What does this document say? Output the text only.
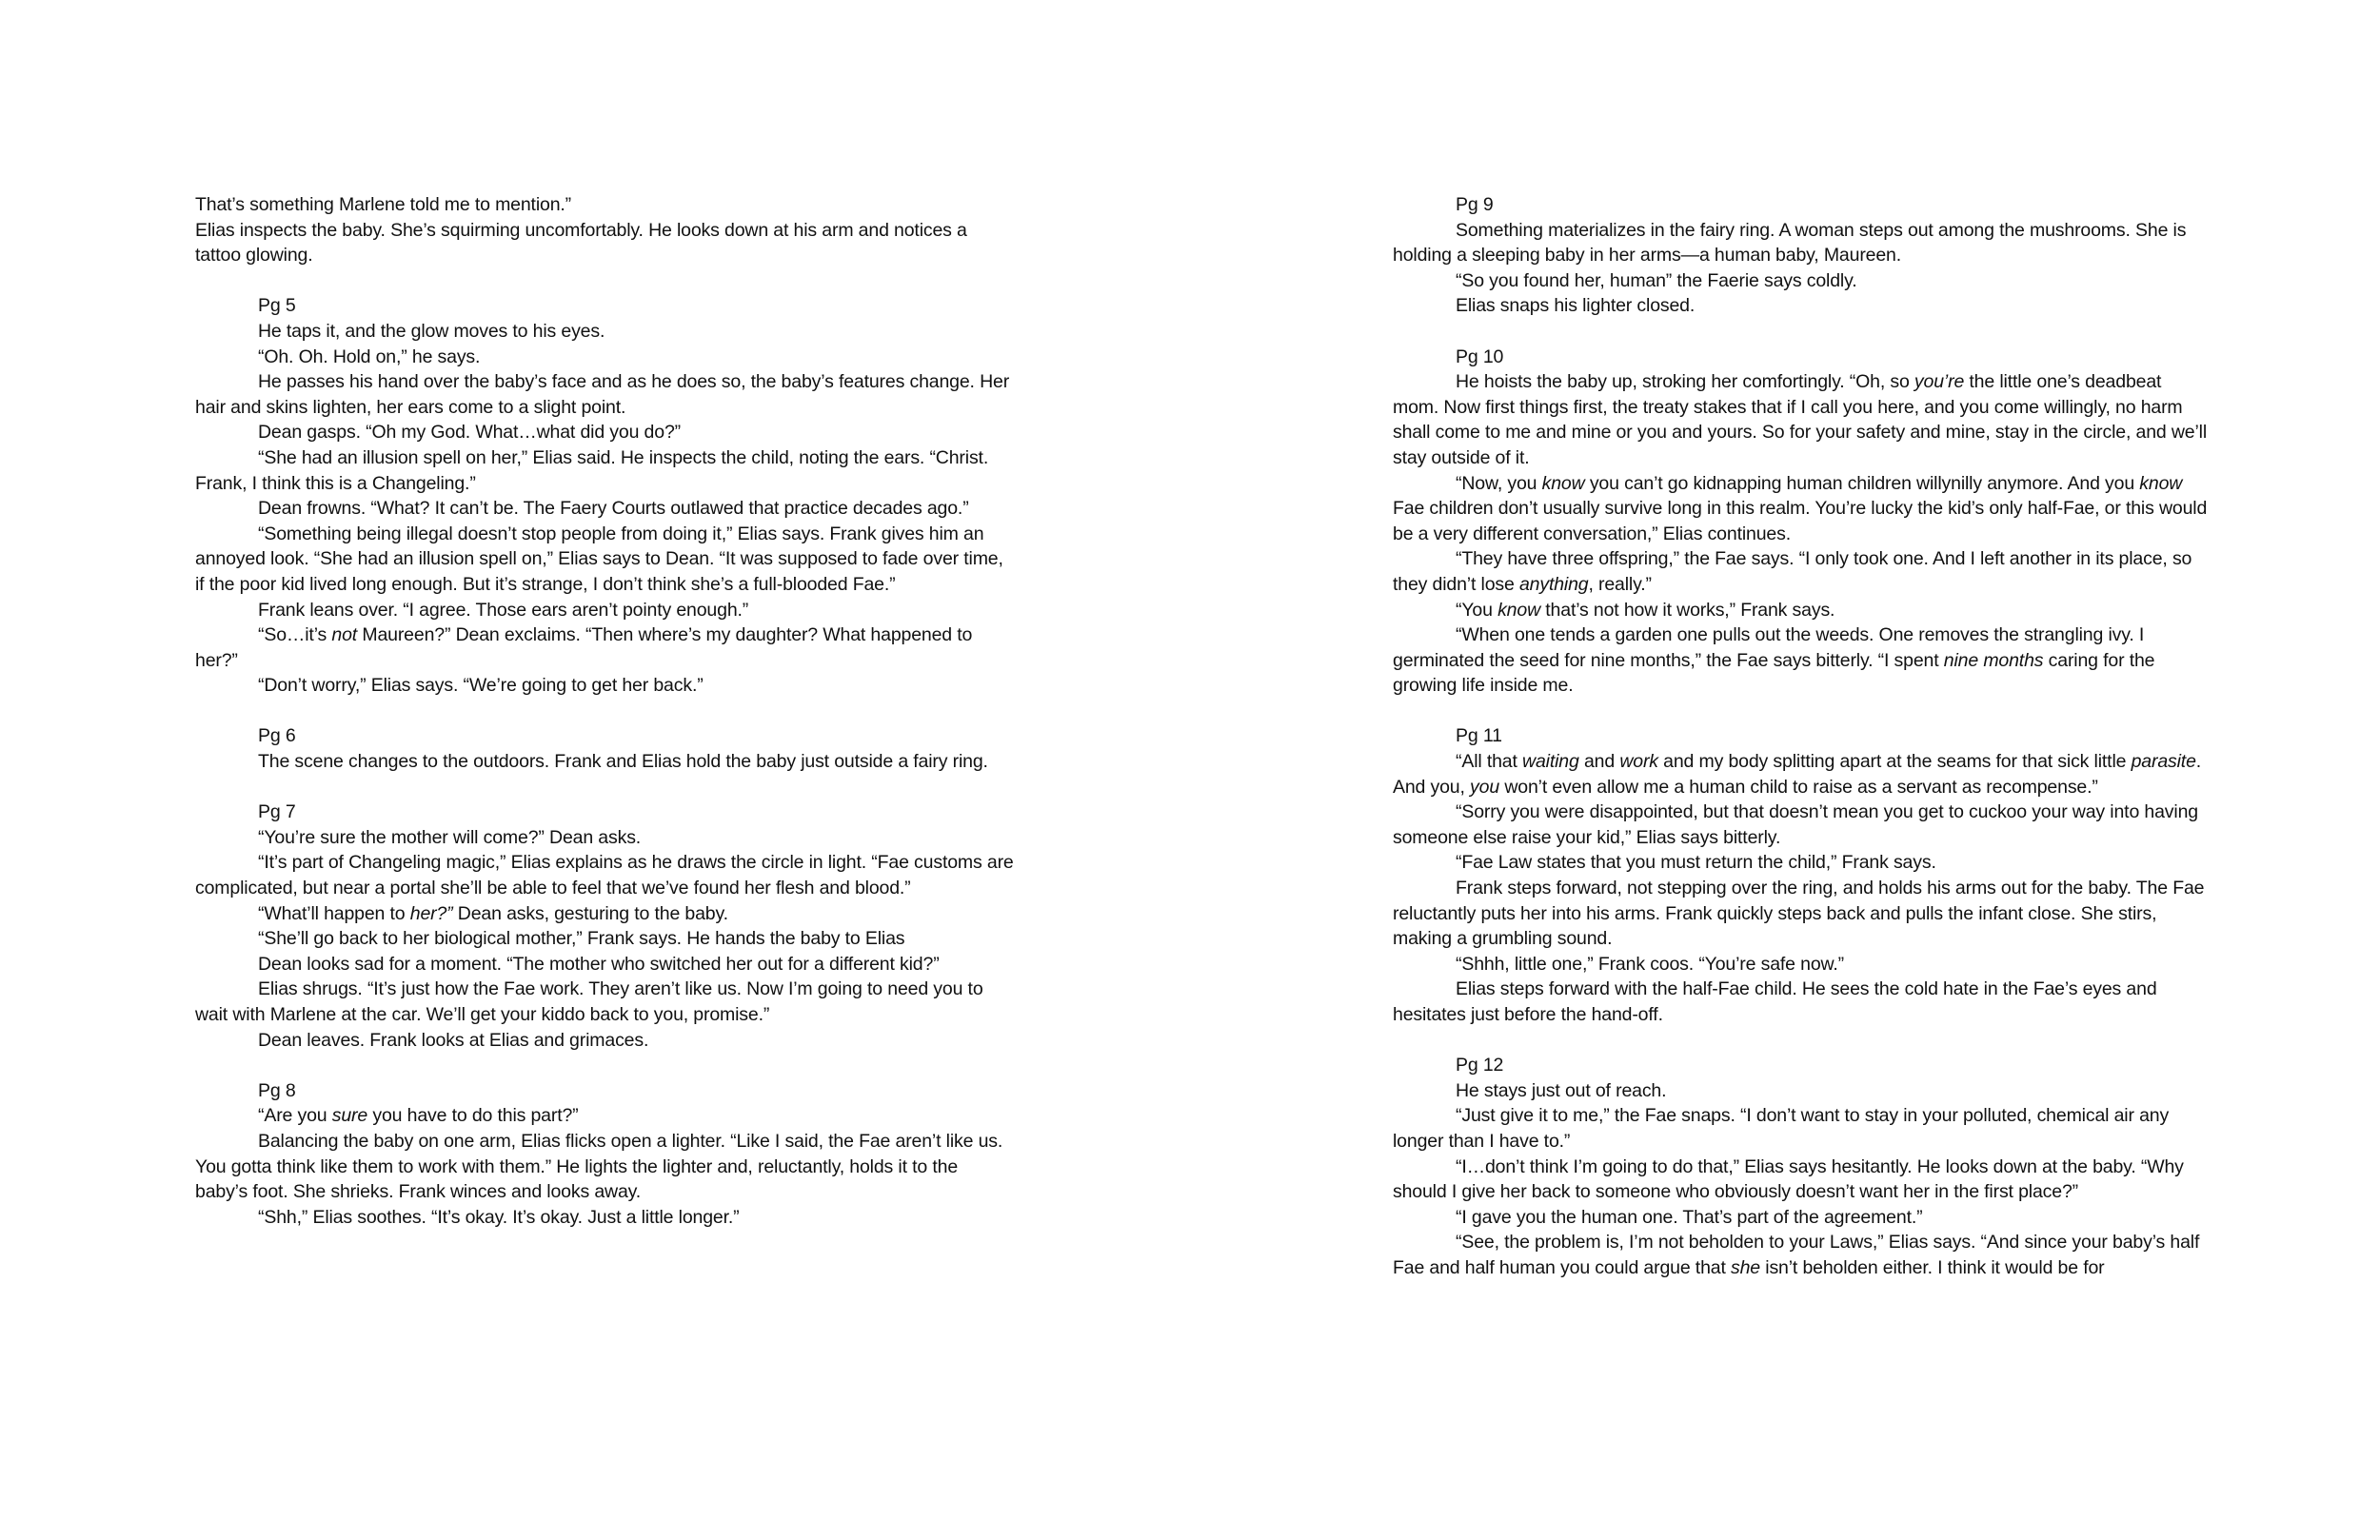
That’s something Marlene told me to mention.”

Elias inspects the baby. She’s squirming uncomfortably. He looks down at his arm and notices a tattoo glowing.

Pg 5

He taps it, and the glow moves to his eyes.

“Oh. Oh. Hold on,” he says.

He passes his hand over the baby’s face and as he does so, the baby’s features change. Her hair and skins lighten, her ears come to a slight point.

Dean gasps. “Oh my God. What…what did you do?”

“She had an illusion spell on her,” Elias said. He inspects the child, noting the ears. “Christ. Frank, I think this is a Changeling.”

Dean frowns. “What? It can’t be. The Faery Courts outlawed that practice decades ago.”

“Something being illegal doesn’t stop people from doing it,” Elias says. Frank gives him an annoyed look. “She had an illusion spell on,” Elias says to Dean. “It was supposed to fade over time, if the poor kid lived long enough. But it’s strange, I don’t think she’s a full-blooded Fae.”

Frank leans over. “I agree. Those ears aren’t pointy enough.”

“So…it’s not Maureen?” Dean exclaims. “Then where’s my daughter? What happened to her?”

“Don’t worry,” Elias says. “We’re going to get her back.”

Pg 6

The scene changes to the outdoors. Frank and Elias hold the baby just outside a fairy ring.

Pg 7

“You’re sure the mother will come?” Dean asks.

“It’s part of Changeling magic,” Elias explains as he draws the circle in light. “Fae customs are complicated, but near a portal she’ll be able to feel that we’ve found her flesh and blood.”

“What’ll happen to her?” Dean asks, gesturing to the baby.

“She’ll go back to her biological mother,” Frank says. He hands the baby to Elias

Dean looks sad for a moment. “The mother who switched her out for a different kid?”

Elias shrugs. “It’s just how the Fae work. They aren’t like us. Now I’m going to need you to wait with Marlene at the car. We’ll get your kiddo back to you, promise.”

Dean leaves. Frank looks at Elias and grimaces.

Pg 8

“Are you sure you have to do this part?”

Balancing the baby on one arm, Elias flicks open a lighter. “Like I said, the Fae aren’t like us. You gotta think like them to work with them.” He lights the lighter and, reluctantly, holds it to the baby’s foot. She shrieks. Frank winces and looks away.

“Shh,” Elias soothes. “It’s okay. It’s okay. Just a little longer.”

Pg 9

Something materializes in the fairy ring. A woman steps out among the mushrooms. She is holding a sleeping baby in her arms—a human baby, Maureen.

“So you found her, human” the Faerie says coldly.

Elias snaps his lighter closed.

Pg 10

He hoists the baby up, stroking her comfortingly. “Oh, so you’re the little one’s deadbeat mom. Now first things first, the treaty stakes that if I call you here, and you come willingly, no harm shall come to me and mine or you and yours. So for your safety and mine, stay in the circle, and we’ll stay outside of it.

“Now, you know you can’t go kidnapping human children willynilly anymore. And you know Fae children don’t usually survive long in this realm. You’re lucky the kid’s only half-Fae, or this would be a very different conversation,” Elias continues.

“They have three offspring,” the Fae says. “I only took one. And I left another in its place, so they didn’t lose anything, really.”

“You know that’s not how it works,” Frank says.

“When one tends a garden one pulls out the weeds. One removes the strangling ivy. I germinated the seed for nine months,” the Fae says bitterly. “I spent nine months caring for the growing life inside me.

Pg 11

“All that waiting and work and my body splitting apart at the seams for that sick little parasite. And you, you won’t even allow me a human child to raise as a servant as recompense.”

“Sorry you were disappointed, but that doesn’t mean you get to cuckoo your way into having someone else raise your kid,” Elias says bitterly.

“Fae Law states that you must return the child,” Frank says.

Frank steps forward, not stepping over the ring, and holds his arms out for the baby. The Fae reluctantly puts her into his arms. Frank quickly steps back and pulls the infant close. She stirs, making a grumbling sound.

“Shhh, little one,” Frank coos. “You’re safe now.”

Elias steps forward with the half-Fae child. He sees the cold hate in the Fae’s eyes and hesitates just before the hand-off.

Pg 12

He stays just out of reach.

“Just give it to me,” the Fae snaps. “I don’t want to stay in your polluted, chemical air any longer than I have to.”

“I…don’t think I’m going to do that,” Elias says hesitantly. He looks down at the baby. “Why should I give her back to someone who obviously doesn’t want her in the first place?”

“I gave you the human one. That’s part of the agreement.”

“See, the problem is, I’m not beholden to your Laws,” Elias says. “And since your baby’s half Fae and half human you could argue that she isn’t beholden either. I think it would be for
